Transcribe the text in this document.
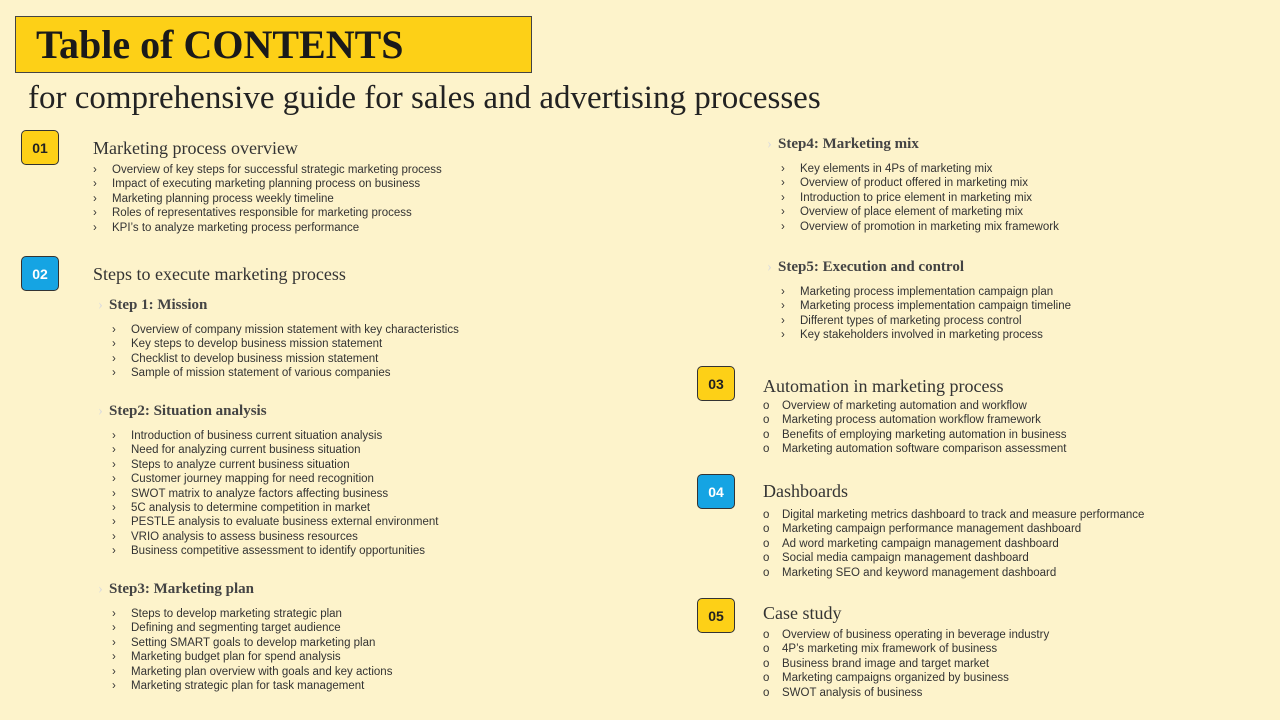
Table of CONTENTS
for comprehensive guide for sales and advertising processes
01	Marketing process overview
› Overview of key steps for successful strategic marketing process
› Impact of executing marketing planning process on business
› Marketing planning process weekly timeline
› Roles of representatives responsible for marketing process
› KPI’s to analyze marketing process performance
02	Steps to execute marketing process
› Step 1: Mission
› Overview of company mission statement with key characteristics
› Key steps to develop business mission statement
› Checklist to develop business mission statement
› Sample of mission statement of various companies
› Step2: Situation analysis
› Introduction of business current situation analysis
› Need for analyzing current business situation
› Steps to analyze current business situation
› Customer journey mapping for need recognition
› SWOT matrix to analyze factors affecting business
› 5C analysis to determine competition in market
› PESTLE analysis to evaluate business external environment
› VRIO analysis to assess business resources
› Business competitive assessment to identify opportunities
› Step3: Marketing plan
› Steps to develop marketing strategic plan
› Defining and segmenting target audience
› Setting SMART goals to develop marketing plan
› Marketing budget plan for spend analysis
› Marketing plan overview with goals and key actions
› Marketing strategic plan for task management
› Step4: Marketing mix
› Key elements in 4Ps of marketing mix
› Overview of product offered in marketing mix
› Introduction to price element in marketing mix
› Overview of place element of marketing mix
› Overview of promotion in marketing mix framework
› Step5: Execution and control
› Marketing process implementation campaign plan
› Marketing process implementation campaign timeline
› Different types of marketing process control
› Key stakeholders involved in marketing process
03	Automation in marketing process
o Overview of marketing automation and workflow
o Marketing process automation workflow framework
o Benefits of employing marketing automation in business
o Marketing automation software comparison assessment
04	Dashboards
o Digital marketing metrics dashboard to track and measure performance
o Marketing campaign performance management dashboard
o Ad word marketing campaign management dashboard
o Social media campaign management dashboard
o Marketing SEO and keyword management dashboard
05	Case study
o Overview of business operating in beverage industry
o 4P’s marketing mix framework of business
o Business brand image and target market
o Marketing campaigns organized by business
o SWOT analysis of business
